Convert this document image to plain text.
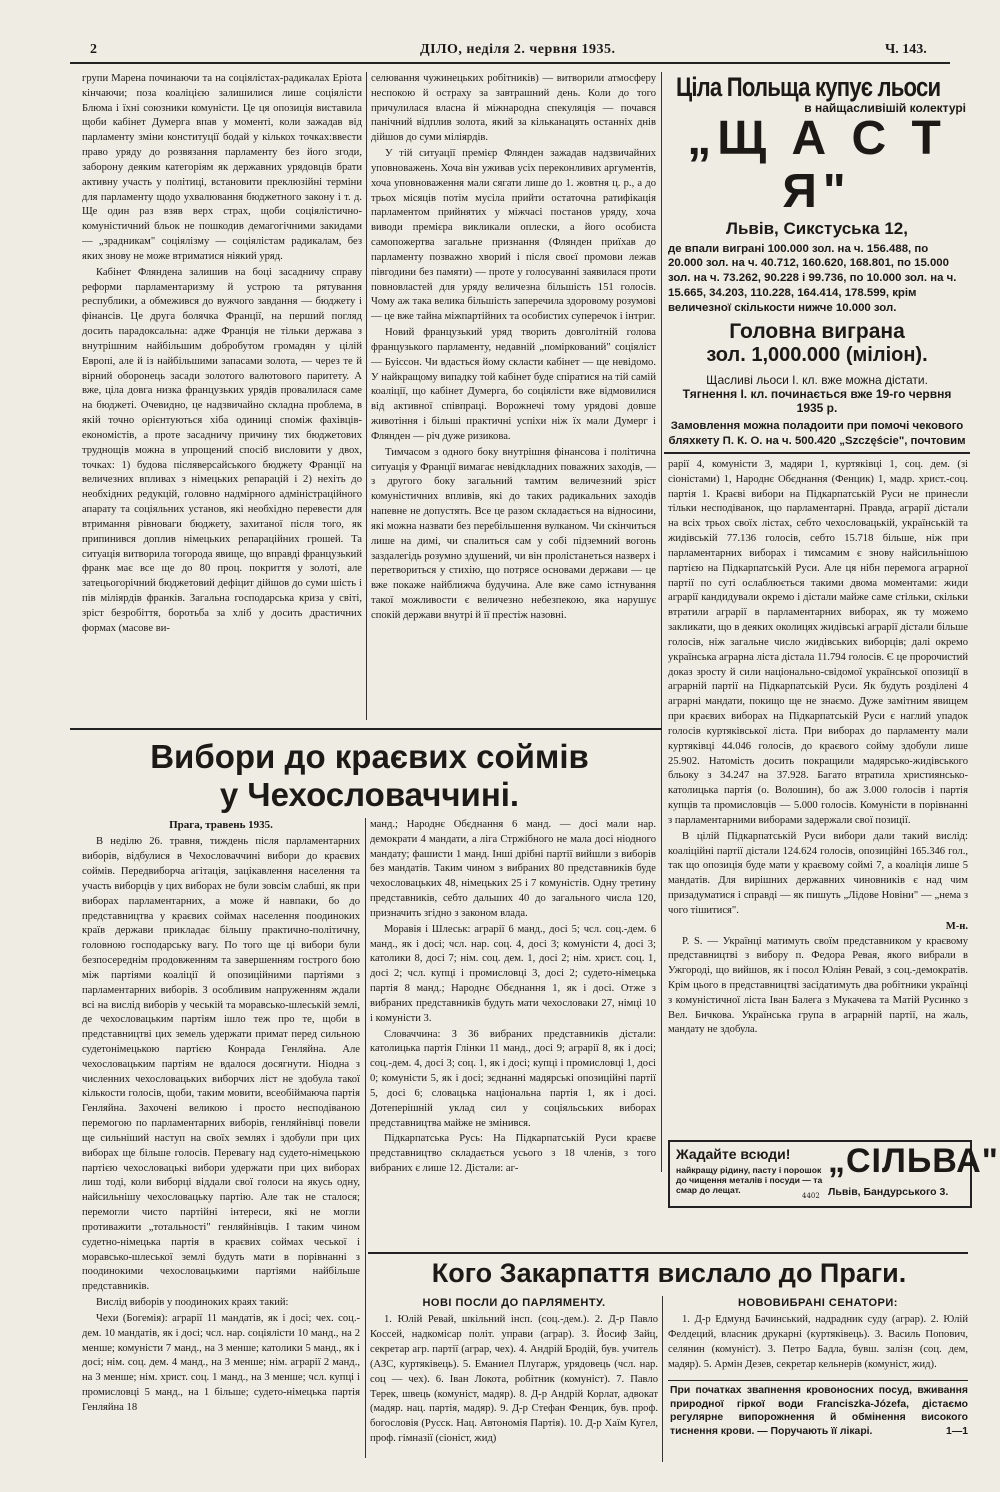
2	ДІЛО, неділя 2. червня 1935.	Ч. 143.

групи Марена починаючи та на соціялістах-радикалах Еріота кінчаючи; поза коаліцією залишилися лише соціялісти Блюма і їхні союзники комуністи. Це ця опозиція виставила щоби кабінет Думерга впав у моменті, коли зажадав від парламенту зміни конституції бодай у кількох точках:ввести право уряду до розвязання парламенту без його згоди, заборону деяким категоріям як державних урядовців брати активну участь у політиці, встановити преклюзійні терміни для парламенту щодо ухвалювання бюджетного закону і т. д. Ще один раз взяв верх страх, щоби соціялістично-комуністичний бльок не пошкодив демагогічними закидами — „зрадникам" соціялізму — соціялістам радикалам, без яких знову не може втриматися ніякий уряд.

Кабінет Фляндена залишив на боці засадничу справу реформи парламентаризму й устрою та рятування республики, а обмежився до вужчого завдання — бюджету і фінансів. Це друга болячка Франції, на перший погляд досить парадоксальна: адже Франція не тільки держава з внутрішним найбільшим добробутом громадян у цілій Европі, але й із найбільшими запасами золота, — через те й вірний оборонець засади золотого валютового паритету. А вже, ціла довга низка французьких урядів провалилася саме на бюджеті. Очевидно, це надзвичайно складна проблема, в якій точно орієнтуються хіба одиниці споміж фахівців-економістів, а проте засадничу причину тих бюджетових труднощів можна в упрощений спосіб висловити у двох, точках: 1) будова післяверсайського бюджету Франції на величезних впливах з німецьких репарацій і 2) нехіть до необхідних редукцій, головно надмірного адміністраційного апарату та соціяльних установ, які необхідно перевести для втримання рівноваги бюджету, захитаної після того, як припинився доплив німецьких репараційних грошей. Та ситуація витворила тогорода явище, що вправді французький франк має все ще до 80 проц. покриття у золоті, але затецьогорічний бюджетовий дефіцит дійшов до суми шість і пів міліярдів франків. Загальна господарська криза у світі, зріст безробіття, боротьба за хліб у досить драстичних формах (масове ви-

селювання чужинецьких робітників) — витворили атмосферу неспокою й остраху за завтрашний день. Коли до того причулилася власна й міжнародна спекуляція — почався панічний відплив золота, який за кільканацять останніх днів дійшов до суми міліярдів.

У тій ситуації премієр Флянден зажадав надзвичайних уповноважень. Хоча він уживав усіх переконливих аргументів, хоча уповноваження мали сягати лише до 1. жовтня ц. р., а до трьох місяців потім мусіла прийти остаточна ратифікація парламентом прийнятих у міжчасі постанов уряду, хоча виводи премієра викликали оплески, а його особиста самопожертва загальне признання (Флянден приїхав до парламенту позважно хворий і після своєї промови лежав півгодини без памяти) — проте у голосуванні заявилася проти повновластей для уряду величезна більшість 151 голосів. Чому аж така велика більшість заперечила здоровому розумові — це вже тайна міжпартійних та особистих суперечок і інтриг.

Новий французький уряд творить довголітній голова французького парламенту, недавній „поміркований" соціяліст — Буіссон. Чи вдасться йому скласти кабінет — ще невідомо. У найкращому випадку той кабінет буде спіратися на тій самій коаліції, що кабінет Думерга, бо соціялісти вже відмовилися від активної співпраці. Ворожнечі тому урядові довше животіння і більші практичні успіхи ніж їх мали Думерг і Флянден — річ дуже ризикова.

Тимчасом з одного боку внутрішня фінансова і політична ситуація у Франції вимагає невідкладних поважних заходів, — з другого боку загальний тамтим величезний зріст комуністичних впливів, які до таких радикальних заходів напевне не допустять. Все це разом складається на відносини, які можна назвати без перебільшення вулканом. Чи скінчиться лише на димі, чи спалиться сам у собі підземний вогонь заздалегідь розумно здушений, чи він пролістанеться назверх і перетвориться у стихію, що потрясе основами держави — це вже покаже найближча будучина. Але вже само істнування такої можливости є величезно небезпекою, яка нарушує спокій держави внутрі й її престіж назовні.

Ціла Польща купує льоси
в найщасливішій колектурі
„Щ А С Т Я"
Львів, Сикстуська 12,
де впали виграні 100.000 зол. на ч. 156.488, по 20.000 зол. на ч. 40.712, 160.620, 168.801, по 15.000 зол. на ч. 73.262, 90.228 і 99.736, по 10.000 зол. на ч. 15.665, 34.203, 110.228, 164.414, 178.599, крім величезної скількости нижче 10.000 зол.
Головна виграна
зол. 1,000.000 (міліон).
Щасливі льоси І. кл. вже можна дістати.
Тягнення І. кл. починається вже 19-го червня 1935 р.
Замовлення можна поладоити при помочі чекового бляхкету П. К. О. на ч. 500.420 „Szczęście", почтовим

рарії 4, комуністи 3, мадяри 1, куртяківці 1, соц. дем. (зі сіоністами) 1, Народнє Обєднання (Фенцик) 1, мадр. христ.-соц. партія 1. Краєві вибори на Підкарпатській Руси не принесли тільки несподіванок, що парламентарні. Правда, аграрії дістали на всіх трьох своїх лістах, себто чехословацькій, українській та жидівській 77.136 голосів, себто 15.718 більше, ніж при парламентарних виборах і тимсамим є знову найсильнішою партією на Підкарпатській Руси. Але ця нібн перемога аграрної партії по суті ослаблюється такими двома моментами: жиди аграрії кандидували окремо і дістали майже саме стільки, скільки втратили аграрії в парламентарних виборах, як ту можемо закликати, що в деяких околицях жидівські аграрії дістали більше голосів, ніж загальне число жидівських виборців; далі окремо українська аграрна ліста дістала 11.794 голосів. Є це пророчистий доказ зросту й сили національно-свідомої української опозиції в аграрній партії на Підкарпатській Руси. Як будуть розділені 4 аграрні мандати, покищо ще не знаємо. Дуже замітним явищем при краєвих виборах на Підкарпатській Руси є наглий упадок голосів куртяківської ліста. При виборах до парламенту мали куртяківці 44.046 голосів, до краєвого сойму здобули лише 25.902. Натомість досить покращили мадярсько-жидівського бльоку з 34.247 на 37.928. Багато втратила християнсько-католицька партія (о. Волошин), бо аж 3.000 голосів і партія купців та промисловців — 5.000 голосів. Комуністи в порівнанні з парламентарними виборами задержали свої позиції.

В цілій Підкарпатській Руси вибори дали такий вислід: коаліційні партії дістали 124.624 голосів, опозиційні 165.346 гол., так що опозиція буде мати у краєвому соймі 7, а коаліція лише 5 мандатів. Для вирішних державних чиновників є над чим призадуматися і справді — як пишуть „Лідове Новіни" — „нема з чого тішитися".

М-н.

Р. S. — Українці матимуть своїм представником у краєвому представництві з вибору п. Федора Ревая, якого вибрали в Ужгороді, що вийшов, як і посол Юліян Ревай, з соц.-демократів. Крім цього в представництві засідатимуть два робітники українці з комуністичної ліста Іван Балега з Мукачева та Матій Русинко з Вел. Бичкова. Українська група в аграрній партії, на жаль, мандату не здобула.

Вибори до краєвих соймів
у Чехословаччині.
Прага, травень 1935.

В неділю 26. травня, тиждень після парламентарних виборів, відбулися в Чехословаччині вибори до краєвих соймів. Передвиборча агітація, зацікавлення населення та участь виборців у цих виборах не були зовсім слабші, як при виборах парламентарних, а може й навпаки, бо до представництва у краєвих соймах населення поодиноких країв держави прикладає більшу практично-політичну, головною господарську вагу. По того ще ці вибори були безпосереднім продовженням та завершенням гострого бою між партіями коаліції й опозиційними партіями з парламентарних виборів. З особливим напруженням ждали всі на вислід виборів у чеській та моравсько-шлеській землі, де чехословацьким партіям ішло теж про те, щоби в представництві цих земель удержати примат перед сильною судетонімецькою партією Конрада Генляйна. Але чехословацьким партіям не вдалося досягнути. Ніодна з численних чехословацьких виборчих ліст не здобула такої кількости голосів, щоби, таким мовити, всеобіймаюча партія Генляйна. Захочені великою і просто несподіваною перемогою по парламентарних виборів, генляйнівці повели ще сильніший наступ на своїх землях і здобули при цих виборах ще більше голосів. Перевагу над судето-німецькою партією чехословацькі вибори удержати при цих виборах лиш тоді, коли виборці віддали свої голоси на якусь одну, найсильнішу чехословацьку партію. Але так не сталося; перемогли чисто партійні інтереси, які не могли противажити „тотальності" генляйнівців. І таким чином судетно-німецька партія в краєвих соймах чеської і моравсько-шлеської землі будуть мати в порівнанні з поодинокими чехословацькими партіями найбільше представників.

Вислід виборів у поодиноких краях такий:

Чехи (Богемія): аграрії 11 мандатів, як і досі; чех. соц.-дем. 10 мандатів, як і досі; чсл. нар. соціялісти 10 манд., на 2 менше; комуністи 7 манд., на 3 менше; католики 5 манд., як і досі; нім. соц. дем. 4 манд., на 3 менше; нім. аграрії 2 манд., на 3 менше; нім. христ. соц. 1 манд., на 3 менше; чсл. купці і промисловці 5 манд., на 1 більше; судето-німецька партія Генляйна 18

манд.; Народнє Обєднання 6 манд. — досі мали нар. демократи 4 мандати, а ліга Стржібного не мала досі ніодного мандату; фашисти 1 манд. Інші дрібні партії вийшли з виборів без мандатів. Таким чином з вибраних 80 представників буде чехословацьких 48, німецьких 25 і 7 комуністів. Одну третину представників, себто дальших 40 до загального числа 120, призначить згідно з законом влада.

Моравія і Шлеськ: аграрії 6 манд., досі 5; чсл. соц.-дем. 6 манд., як і досі; чсл. нар. соц. 4, досі 3; комуністи 4, досі 3; католики 8, досі 7; нім. соц. дем. 1, досі 2; нім. христ. соц. 1, досі 2; чсл. купці і промисловці 3, досі 2; судето-німецька партія 8 манд.; Народнє Обєднання 1, як і досі. Отже з вибраних представників будуть мати чехословаки 27, німці 10 і комуністи 3.

Словаччина: З 36 вибраних представників дістали: католицька партія Глінки 11 манд., досі 9; аграрії 8, як і досі; соц.-дем. 4, досі 3; соц. 1, як і досі; купці і промисловці 1, досі 0; комуністи 5, як і досі; зєднанні мадярські опозиційні партії 5, досі 6; словацька національна партія 1, як і досі. Дотеперішній уклад сил у соціяльських виборах представництва майже не змінився.

Підкарпатська Русь: На Підкарпатській Руси краєве представництво складається усього з 18 членів, з того вибраних є лише 12. Дістали: аг-

Жадайте всюди!
найкращу рідину, пасту і порошок до чищення металів і посуди — та смар до лещат.
4402
„СІЛЬВА"
Львів, Бандурського 3.
Кого Закарпаття вислало до Праги.
НОВІ ПОСЛИ ДО ПАРЛЯМЕНТУ.
1. Юлій Ревай, шкільний інсп. (соц.-дем.). 2. Д-р Павло Коссей, надкомісар політ. управи (аграр). 3. Йосиф Зайц, секретар агр. партії (аграр, чех). 4. Андрій Бродій, був. учитель (АЗС, куртяківець). 5. Еманиел Плугарж, урядовець (чсл. нар. соц — чех). 6. Іван Локота, робітник (комуніст). 7. Павло Терек, швець (комуніст, мадяр). 8. Д-р Андрій Корлат, адвокат (мадяр. нац. партія, мадяр). 9. Д-р Стефан Фенцик, був. проф. богословія (Русск. Нац. Автономія Партія). 10. Д-р Хаїм Кугел, проф. гімназії (сіоніст, жид)
НОВОВИБРАНІ СЕНАТОРИ:
1. Д-р Едмунд Бачинський, надрадник суду (аграр). 2. Юлій Фелдеций, власник друкарні (куртяківець). 3. Василь Попович, селянин (комуніст). 3. Петро Бадла, бувш. залізн (соц. дем, мадяр). 5. Армін Дезев, секретар кельнерів (комуніст, жид).
При початках звапнення кровоносних посуд, вживання природної гіркої води Franciszka-Józefa, дістаємо регулярне випорожнення й обмінення високого тиснення крови. — Поручають її лікарі.	1—1
